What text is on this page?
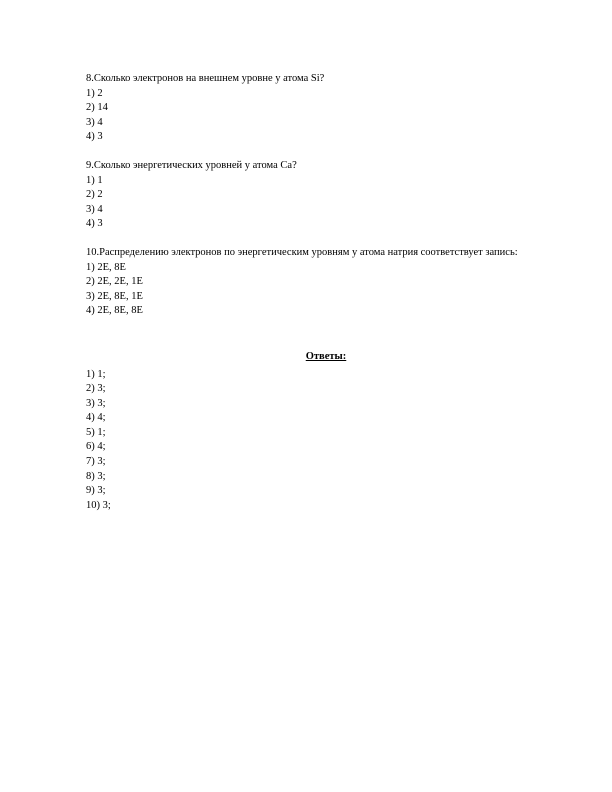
8.Сколько электронов на внешнем уровне у атома Si?

1) 2

2) 14

3) 4

4) 3

9.Сколько энергетических уровней у атома Ca?

1) 1

2) 2

3) 4

4) 3

10.Распределению электронов по энергетическим уровням у атома натрия соответствует запись:

1) 2Е, 8Е

2) 2Е, 2Е, 1Е

3) 2Е, 8Е, 1Е

4) 2Е, 8Е, 8Е

Ответы:

1) 1;

2) 3;

3) 3;

4) 4;

5) 1;

6) 4;

7) 3;

8) 3;

9) 3;

10) 3;
